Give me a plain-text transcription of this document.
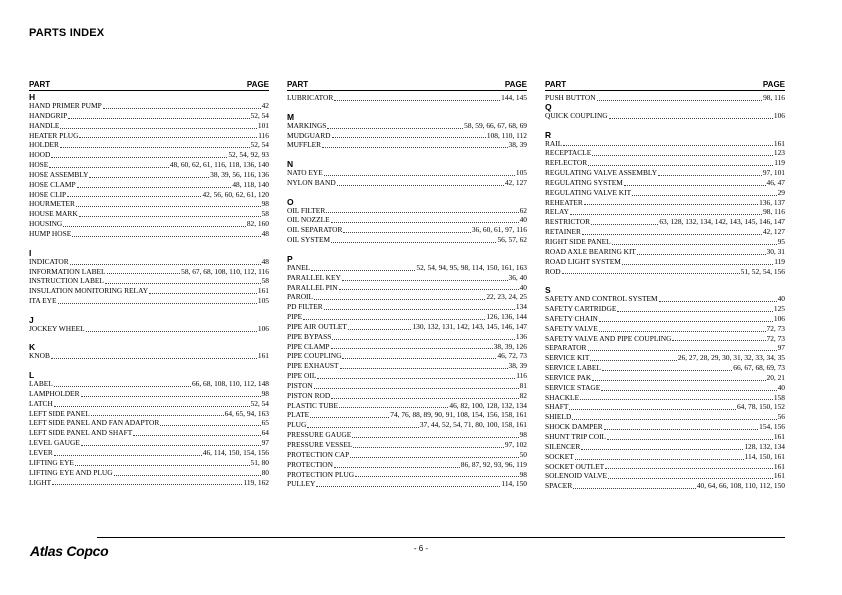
PARTS INDEX
PART	PAGE
H
HAND PRIMER PUMP	42
HANDGRIP	52, 54
HANDLE	101
HEATER PLUG	116
HOLDER	52, 54
HOOD	52, 54, 92, 93
HOSE	48, 60, 62, 61, 116, 118, 136, 140
HOSE ASSEMBLY	38, 39, 56, 116, 136
HOSE CLAMP	48, 118, 140
HOSE CLIP	42, 56, 60, 62, 61, 120
HOURMETER	98
HOUSE MARK	58
HOUSING	82, 160
HUMP HOSE	48
I
INDICATOR	48
INFORMATION LABEL	58, 67, 68, 108, 110, 112, 116
INSTRUCTION LABEL	58
INSULATION MONITORING RELAY	161
ITA EYE	105
J
JOCKEY WHEEL	106
K
KNOB	161
L
LABEL	66, 68, 108, 110, 112, 148
LAMPHOLDER	98
LATCH	52, 54
LEFT SIDE PANEL	64, 65, 94, 163
LEFT SIDE PANEL AND FAN ADAPTOR	65
LEFT SIDE PANEL AND SHAFT	64
LEVEL GAUGE	97
LEVER	46, 114, 150, 154, 156
LIFTING EYE	51, 80
LIFTING EYE AND PLUG	80
LIGHT	119, 162
PART	PAGE
LUBRICATOR	144, 145
M
MARKINGS	58, 59, 66, 67, 68, 69
MUDGUARD	108, 110, 112
MUFFLER	38, 39
N
NATO EYE	105
NYLON BAND	42, 127
O
OIL FILTER	62
OIL NOZZLE	40
OIL SEPARATOR	36, 60, 61, 97, 116
OIL SYSTEM	56, 57, 62
P
PANEL	52, 54, 94, 95, 98, 114, 150, 161, 163
PARALLEL KEY	36, 40
PARALLEL PIN	40
PAROIL	22, 23, 24, 25
PD FILTER	134
PIPE	126, 136, 144
PIPE AIR OUTLET	130, 132, 131, 142, 143, 145, 146, 147
PIPE BYPASS	136
PIPE CLAMP	38, 39, 126
PIPE COUPLING	46, 72, 73
PIPE EXHAUST	38, 39
PIPE OIL	116
PISTON	81
PISTON ROD	82
PLASTIC TUBE	46, 82, 100, 128, 132, 134
PLATE	74, 76, 88, 89, 90, 91, 108, 154, 156, 158, 161
PLUG	37, 44, 52, 54, 71, 80, 100, 158, 161
PRESSURE GAUGE	98
PRESSURE VESSEL	97, 102
PROTECTION CAP	50
PROTECTION	86, 87, 92, 93, 96, 119
PROTECTION PLUG	98
PULLEY	114, 150
PART	PAGE
PUSH BUTTON	98, 116
Q
QUICK COUPLING	106
R
RAIL	161
RECEPTACLE	123
REFLECTOR	119
REGULATING VALVE ASSEMBLY	97, 101
REGULATING SYSTEM	46, 47
REGULATING VALVE KIT	29
REHEATER	136, 137
RELAY	98, 116
RESTRICTOR	63, 128, 132, 134, 142, 143, 145, 146, 147
RETAINER	42, 127
RIGHT SIDE PANEL	95
ROAD AXLE BEARING KIT	30, 31
ROAD LIGHT SYSTEM	119
ROD	51, 52, 54, 156
S
SAFETY AND CONTROL SYSTEM	40
SAFETY CARTRIDGE	125
SAFETY CHAIN	106
SAFETY VALVE	72, 73
SAFETY VALVE AND PIPE COUPLING	72, 73
SEPARATOR	97
SERVICE KIT	26, 27, 28, 29, 30, 31, 32, 33, 34, 35
SERVICE LABEL	66, 67, 68, 69, 73
SERVICE PAK	20, 21
SERVICE STAGE	40
SHACKLE	158
SHAFT	64, 78, 150, 152
SHIELD	56
SHOCK DAMPER	154, 156
SHUNT TRIP COIL	161
SILENCER	128, 132, 134
SOCKET	114, 150, 161
SOCKET OUTLET	161
SOLENOID VALVE	161
SPACER	40, 64, 66, 108, 110, 112, 150
Atlas Copco	- 6 -
